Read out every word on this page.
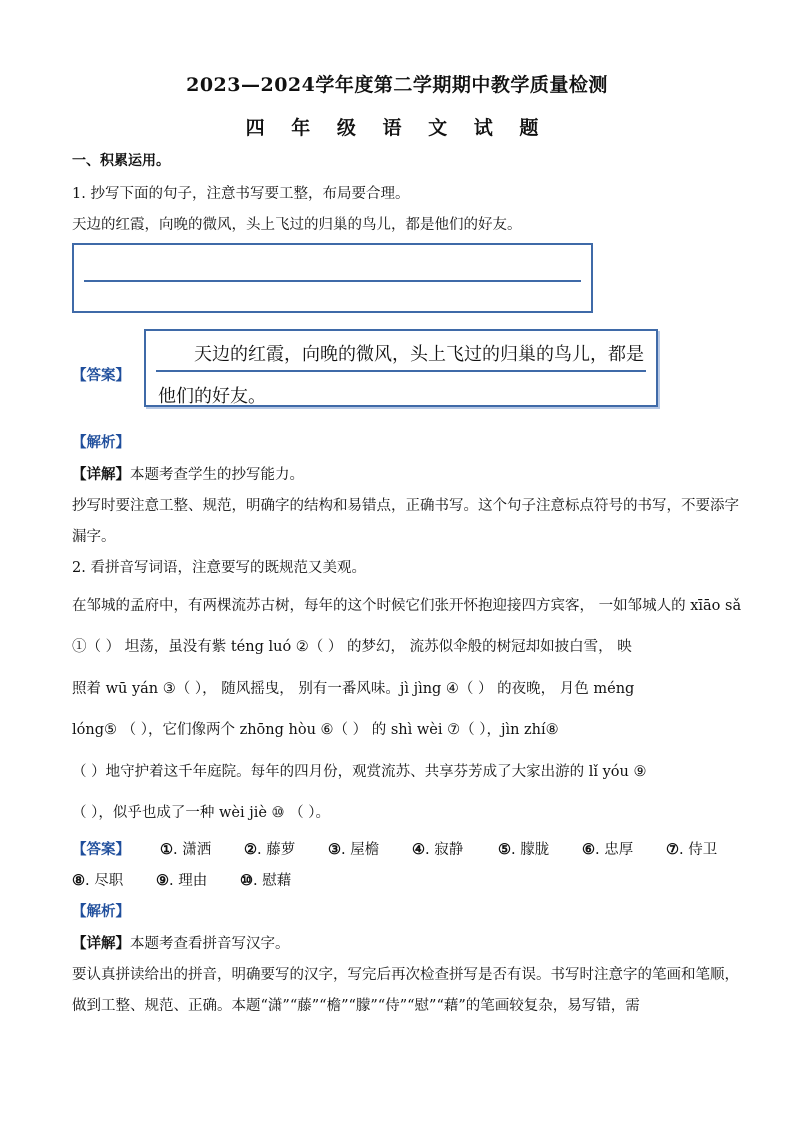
2023—2024学年度第二学期期中教学质量检测
四 年 级 语 文 试 题
一、积累运用。
1. 抄写下面的句子，注意书写要工整，布局要合理。
天边的红霞，向晚的微风，头上飞过的归巢的鸟儿，都是他们的好友。
【答案】
天边的红霞，向晚的微风，头上飞过的归巢的鸟儿，都是
他们的好友。
【解析】
【详解】本题考查学生的抄写能力。
抄写时要注意工整、规范，明确字的结构和易错点，正确书写。这个句子注意标点符号的书写，不要添字
漏字。
2. 看拼音写词语，注意要写的既规范又美观。
在邹城的孟府中，有两棵流苏古树，每年的这个时候它们张开怀抱迎接四方宾客， 一如邹城人的 xīāo sǎ
①（ ） 坦荡，虽没有紫 téng luó ②（ ） 的梦幻， 流苏似伞般的树冠却如披白雪， 映
照着 wū yán ③（ ）， 随风摇曳， 别有一番风味。jì jìng ④（ ） 的夜晚， 月色 méng
lóng⑤ （ ），它们像两个 zhōng hòu ⑥（ ） 的 shì wèi ⑦（ ），jìn zhí⑧
（ ）地守护着这千年庭院。每年的四月份，观赏流苏、共享芬芳成了大家出游的 lǐ yóu ⑨
（ ），似乎也成了一种 wèi jiè ⑩ （ ）。
【答案】 ①. 潇洒 ②. 藤萝 ③. 屋檐 ④. 寂静 ⑤. 朦胧 ⑥. 忠厚 ⑦. 侍卫
⑧. 尽职 ⑨. 理由 ⑩. 慰藉
【解析】
【详解】本题考查看拼音写汉字。
要认真拼读给出的拼音，明确要写的汉字，写完后再次检查拼写是否有误。书写时注意字的笔画和笔顺，
做到工整、规范、正确。本题“潇”“藤”“檐”“朦”“侍”“慰”“藉”的笔画较复杂，易写错，需
